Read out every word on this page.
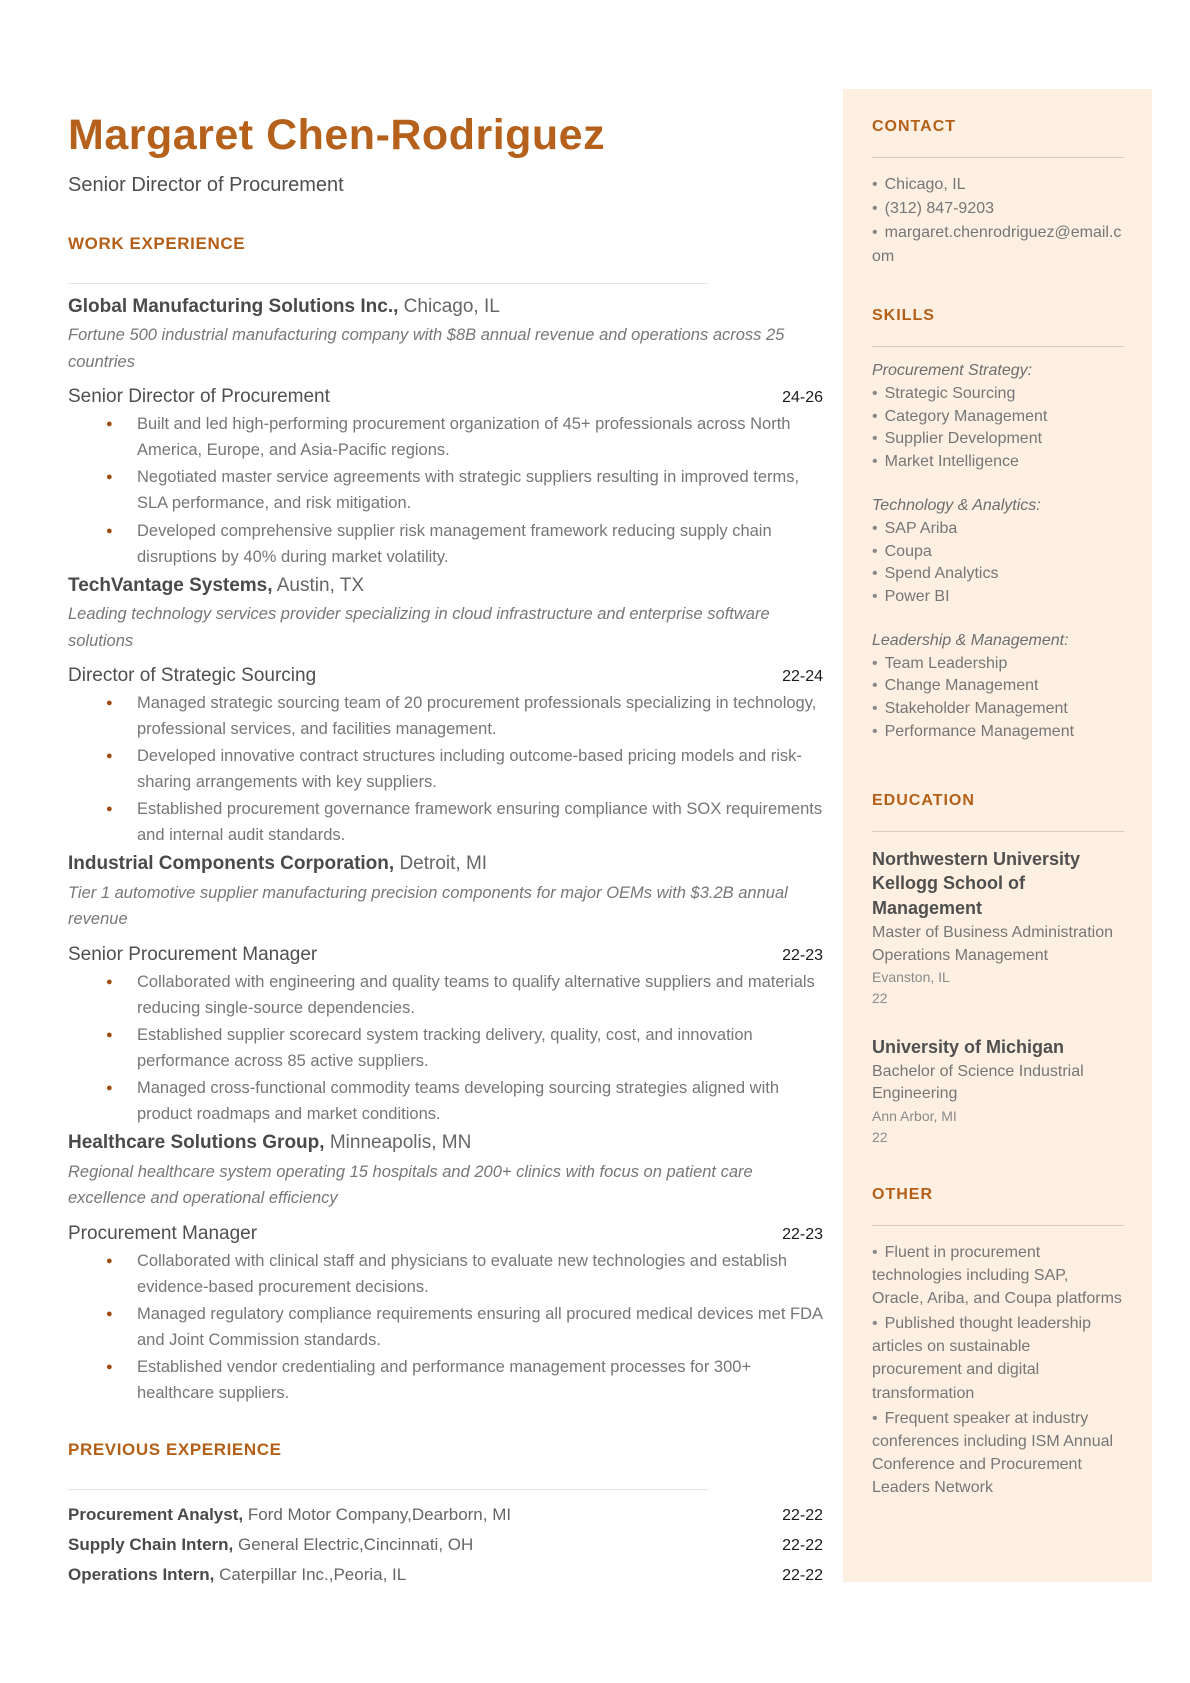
CONTACT
• Chicago, IL
• (312) 847-9203
• margaret.chenrodriguez@email.com
SKILLS

Procurement Strategy:

• Strategic Sourcing
• Category Management
• Supplier Development
• Market Intelligence

Technology & Analytics:

• SAP Ariba
• Coupa
• Spend Analytics
• Power BI

Leadership & Management:

• Team Leadership
• Change Management
• Stakeholder Management
• Performance Management
EDUCATION

Northwestern University Kellogg School of Management

Master of Business Administration Operations Management

Evanston, IL

22

University of Michigan

Bachelor of Science Industrial Engineering

Ann Arbor, MI

22

OTHER
• Fluent in procurement technologies including SAP, Oracle, Ariba, and Coupa platforms
• Published thought leadership articles on sustainable procurement and digital transformation
• Frequent speaker at industry conferences including ISM Annual Conference and Procurement Leaders Network
Margaret Chen-Rodriguez

Senior Director of Procurement

WORK EXPERIENCE
Global Manufacturing Solutions Inc., Chicago, IL

Fortune 500 industrial manufacturing company with $8B annual revenue and operations across 25 countries

Senior Director of Procurement	24-26
● Built and led high-performing procurement organization of 45+ professionals across North America, Europe, and Asia-Pacific regions.
● Negotiated master service agreements with strategic suppliers resulting in improved terms, SLA performance, and risk mitigation.
● Developed comprehensive supplier risk management framework reducing supply chain disruptions by 40% during market volatility.
TechVantage Systems, Austin, TX

Leading technology services provider specializing in cloud infrastructure and enterprise software solutions

Director of Strategic Sourcing	22-24
● Managed strategic sourcing team of 20 procurement professionals specializing in technology, professional services, and facilities management.
● Developed innovative contract structures including outcome-based pricing models and risk-sharing arrangements with key suppliers.
● Established procurement governance framework ensuring compliance with SOX requirements and internal audit standards.
Industrial Components Corporation, Detroit, MI

Tier 1 automotive supplier manufacturing precision components for major OEMs with $3.2B annual revenue

Senior Procurement Manager	22-23
● Collaborated with engineering and quality teams to qualify alternative suppliers and materials reducing single-source dependencies.
● Established supplier scorecard system tracking delivery, quality, cost, and innovation performance across 85 active suppliers.
● Managed cross-functional commodity teams developing sourcing strategies aligned with product roadmaps and market conditions.
Healthcare Solutions Group, Minneapolis, MN

Regional healthcare system operating 15 hospitals and 200+ clinics with focus on patient care excellence and operational efficiency

Procurement Manager	22-23
● Collaborated with clinical staff and physicians to evaluate new technologies and establish evidence-based procurement decisions.
● Managed regulatory compliance requirements ensuring all procured medical devices met FDA and Joint Commission standards.
● Established vendor credentialing and performance management processes for 300+ healthcare suppliers.
PREVIOUS EXPERIENCE
Procurement Analyst, Ford Motor Company,Dearborn, MI	22-22
Supply Chain Intern, General Electric,Cincinnati, OH	22-22
Operations Intern, Caterpillar Inc.,Peoria, IL	22-22
